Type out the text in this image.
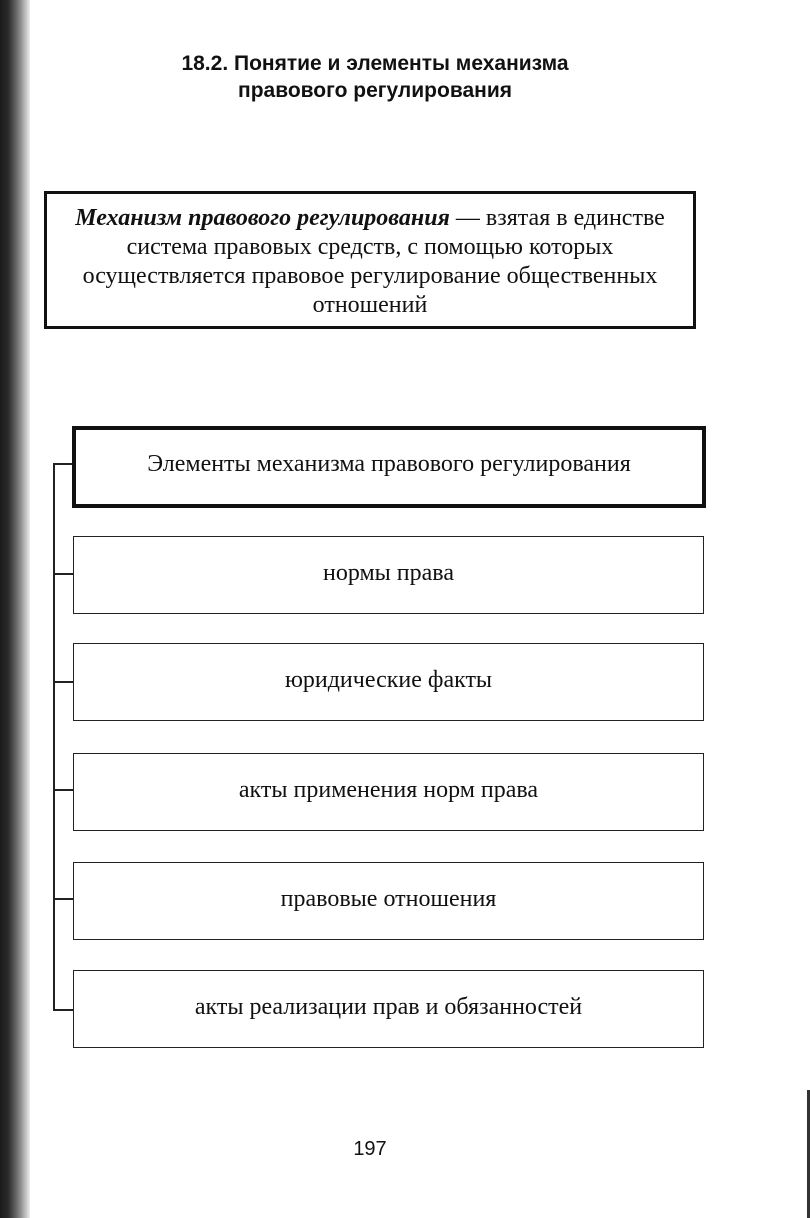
18.2. Понятие и элементы механизма
правового регулирования
Механизм правового регулирования — взятая в единстве система правовых средств, с помощью которых осуществляется правовое регулирование общественных отношений
Элементы механизма правового регулирования
нормы права
юридические факты
акты применения норм права
правовые отношения
акты реализации прав и обязанностей
197
